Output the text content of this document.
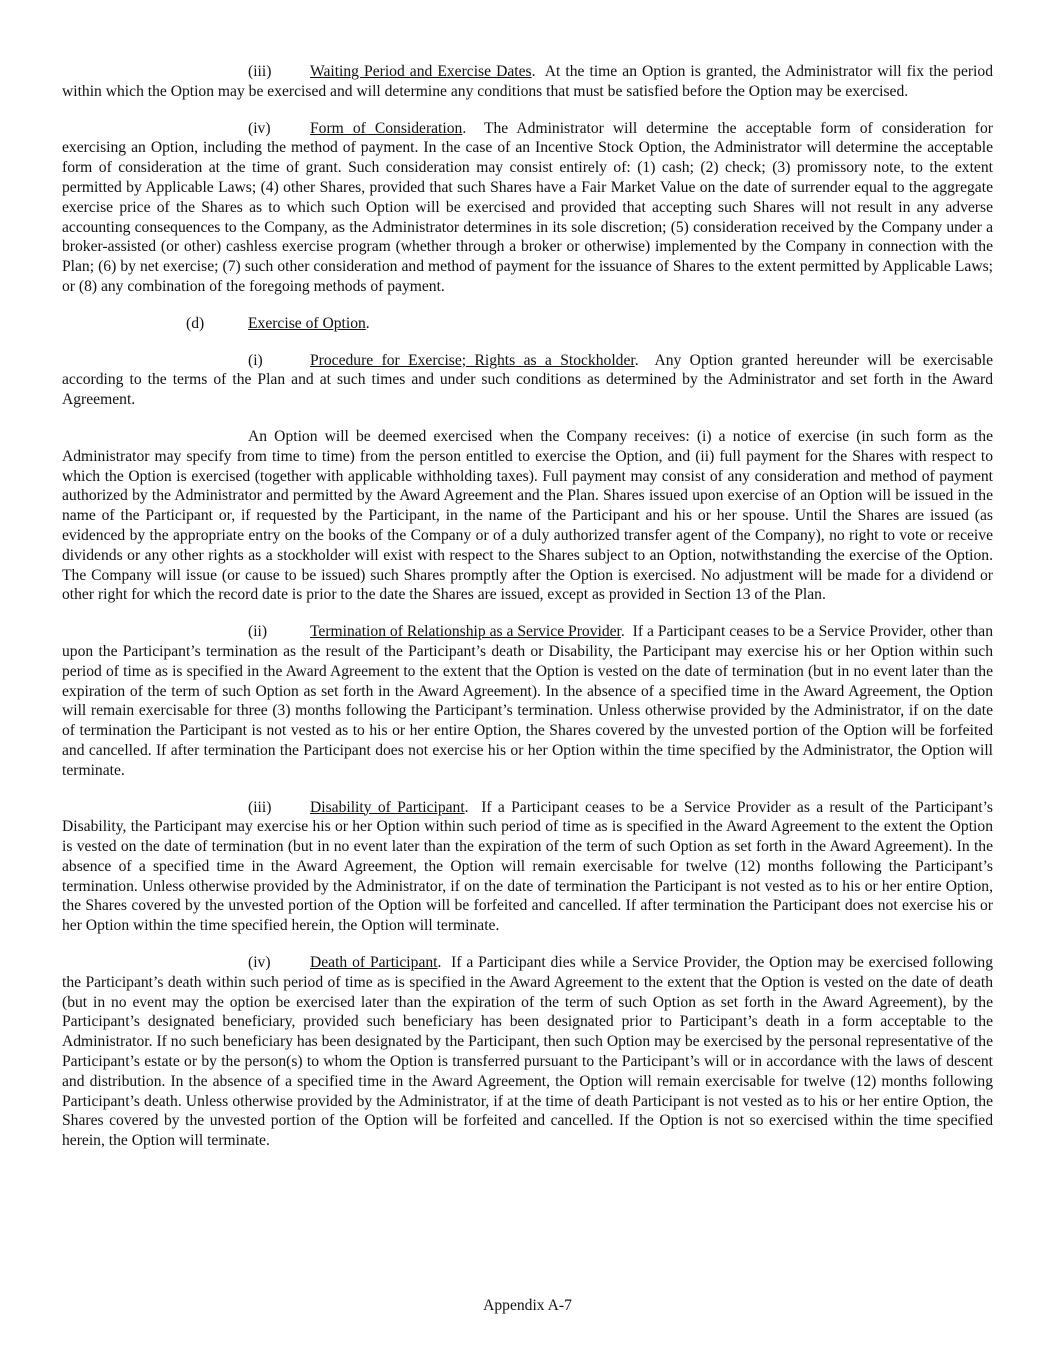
(iii) Waiting Period and Exercise Dates.  At the time an Option is granted, the Administrator will fix the period within which the Option may be exercised and will determine any conditions that must be satisfied before the Option may be exercised.

(iv)	Form of Consideration.  The Administrator will determine the acceptable form of consideration for exercising an Option, including the method of payment. In the case of an Incentive Stock Option, the Administrator will determine the acceptable form of consideration at the time of grant. Such consideration may consist entirely of: (1) cash; (2) check; (3) promissory note, to the extent permitted by Applicable Laws; (4) other Shares, provided that such Shares have a Fair Market Value on the date of surrender equal to the aggregate exercise price of the Shares as to which such Option will be exercised and provided that accepting such Shares will not result in any adverse accounting consequences to the Company, as the Administrator determines in its sole discretion; (5) consideration received by the Company under a broker-assisted (or other) cashless exercise program (whether through a broker or otherwise) implemented by the Company in connection with the Plan; (6) by net exercise; (7) such other consideration and method of payment for the issuance of Shares to the extent permitted by Applicable Laws; or (8) any combination of the foregoing methods of payment.

(d)	Exercise of Option.

(i)	Procedure for Exercise; Rights as a Stockholder.  Any Option granted hereunder will be exercisable according to the terms of the Plan and at such times and under such conditions as determined by the Administrator and set forth in the Award Agreement.

An Option will be deemed exercised when the Company receives: (i) a notice of exercise (in such form as the Administrator may specify from time to time) from the person entitled to exercise the Option, and (ii) full payment for the Shares with respect to which the Option is exercised (together with applicable withholding taxes). Full payment may consist of any consideration and method of payment authorized by the Administrator and permitted by the Award Agreement and the Plan. Shares issued upon exercise of an Option will be issued in the name of the Participant or, if requested by the Participant, in the name of the Participant and his or her spouse. Until the Shares are issued (as evidenced by the appropriate entry on the books of the Company or of a duly authorized transfer agent of the Company), no right to vote or receive dividends or any other rights as a stockholder will exist with respect to the Shares subject to an Option, notwithstanding the exercise of the Option. The Company will issue (or cause to be issued) such Shares promptly after the Option is exercised. No adjustment will be made for a dividend or other right for which the record date is prior to the date the Shares are issued, except as provided in Section 13 of the Plan.

(ii)	Termination of Relationship as a Service Provider.  If a Participant ceases to be a Service Provider, other than upon the Participant’s termination as the result of the Participant’s death or Disability, the Participant may exercise his or her Option within such period of time as is specified in the Award Agreement to the extent that the Option is vested on the date of termination (but in no event later than the expiration of the term of such Option as set forth in the Award Agreement). In the absence of a specified time in the Award Agreement, the Option will remain exercisable for three (3) months following the Participant’s termination. Unless otherwise provided by the Administrator, if on the date of termination the Participant is not vested as to his or her entire Option, the Shares covered by the unvested portion of the Option will be forfeited and cancelled. If after termination the Participant does not exercise his or her Option within the time specified by the Administrator, the Option will terminate.

(iii) Disability of Participant.  If a Participant ceases to be a Service Provider as a result of the Participant’s Disability, the Participant may exercise his or her Option within such period of time as is specified in the Award Agreement to the extent the Option is vested on the date of termination (but in no event later than the expiration of the term of such Option as set forth in the Award Agreement). In the absence of a specified time in the Award Agreement, the Option will remain exercisable for twelve (12) months following the Participant’s termination. Unless otherwise provided by the Administrator, if on the date of termination the Participant is not vested as to his or her entire Option, the Shares covered by the unvested portion of the Option will be forfeited and cancelled. If after termination the Participant does not exercise his or her Option within the time specified herein, the Option will terminate.

(iv)	Death of Participant.  If a Participant dies while a Service Provider, the Option may be exercised following the Participant’s death within such period of time as is specified in the Award Agreement to the extent that the Option is vested on the date of death (but in no event may the option be exercised later than the expiration of the term of such Option as set forth in the Award Agreement), by the Participant’s designated beneficiary, provided such beneficiary has been designated prior to Participant’s death in a form acceptable to the Administrator. If no such beneficiary has been designated by the Participant, then such Option may be exercised by the personal representative of the Participant’s estate or by the person(s) to whom the Option is transferred pursuant to the Participant’s will or in accordance with the laws of descent and distribution. In the absence of a specified time in the Award Agreement, the Option will remain exercisable for twelve (12) months following Participant’s death. Unless otherwise provided by the Administrator, if at the time of death Participant is not vested as to his or her entire Option, the Shares covered by the unvested portion of the Option will be forfeited and cancelled. If the Option is not so exercised within the time specified herein, the Option will terminate.

Appendix A-7
